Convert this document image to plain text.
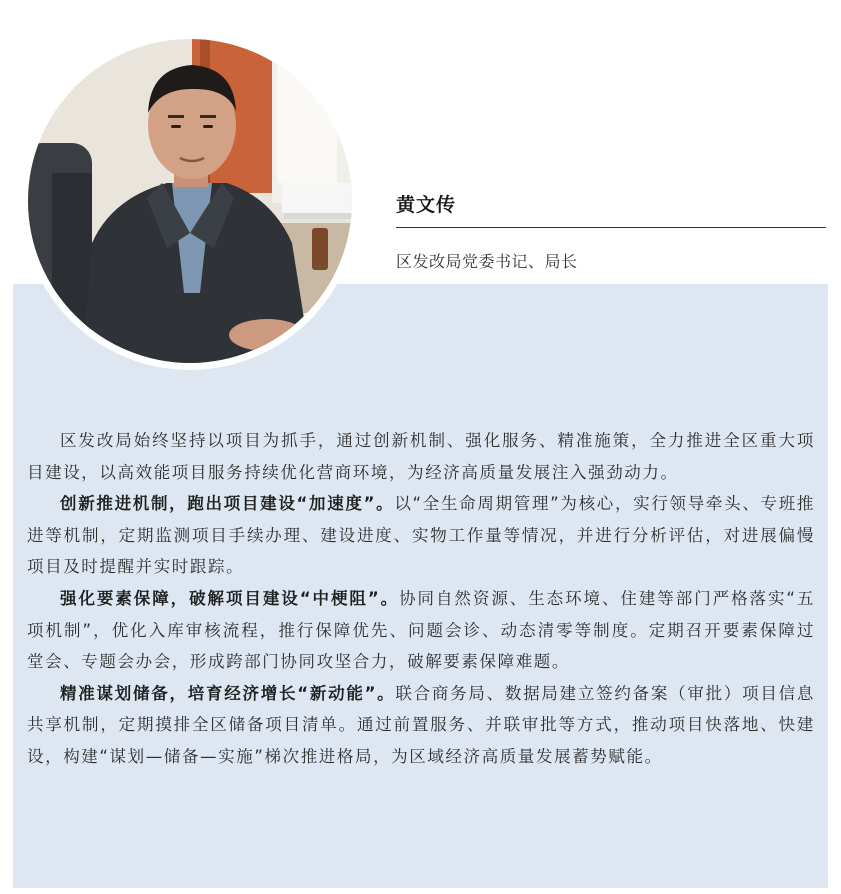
黄文传
区发改局党委书记、局长

区发改局始终坚持以项目为抓手，通过创新机制、强化服务、精准施策，全力推进全区重大项目建设，以高效能项目服务持续优化营商环境，为经济高质量发展注入强劲动力。

创新推进机制，跑出项目建设“加速度”。以“全生命周期管理”为核心，实行领导牵头、专班推进等机制，定期监测项目手续办理、建设进度、实物工作量等情况，并进行分析评估，对进展偏慢项目及时提醒并实时跟踪。

强化要素保障，破解项目建设“中梗阻”。协同自然资源、生态环境、住建等部门严格落实“五项机制”，优化入库审核流程，推行保障优先、问题会诊、动态清零等制度。定期召开要素保障过堂会、专题会办会，形成跨部门协同攻坚合力，破解要素保障难题。

精准谋划储备，培育经济增长“新动能”。联合商务局、数据局建立签约备案（审批）项目信息共享机制，定期摸排全区储备项目清单。通过前置服务、并联审批等方式，推动项目快落地、快建设，构建“谋划—储备—实施”梯次推进格局，为区域经济高质量发展蓄势赋能。
